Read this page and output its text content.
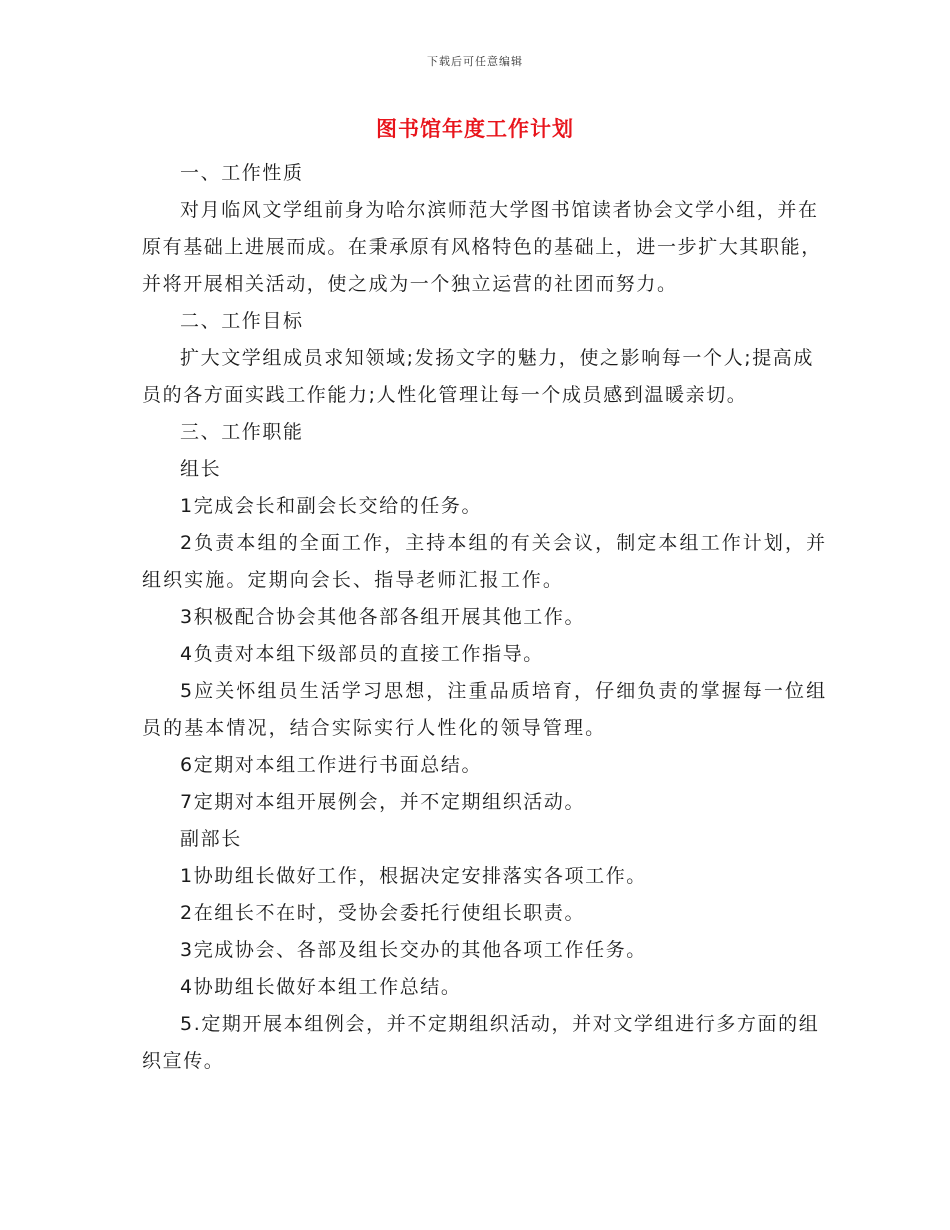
下载后可任意编辑
图书馆年度工作计划

一、工作性质

对月临风文学组前身为哈尔滨师范大学图书馆读者协会文学小组，并在原有基础上进展而成。在秉承原有风格特色的基础上，进一步扩大其职能，并将开展相关活动，使之成为一个独立运营的社团而努力。

二、工作目标

扩大文学组成员求知领域;发扬文字的魅力，使之影响每一个人;提高成员的各方面实践工作能力;人性化管理让每一个成员感到温暖亲切。

三、工作职能

组长

1完成会长和副会长交给的任务。

2负责本组的全面工作，主持本组的有关会议，制定本组工作计划，并组织实施。定期向会长、指导老师汇报工作。

3积极配合协会其他各部各组开展其他工作。

4负责对本组下级部员的直接工作指导。

5应关怀组员生活学习思想，注重品质培育，仔细负责的掌握每一位组员的基本情况，结合实际实行人性化的领导管理。

6定期对本组工作进行书面总结。

7定期对本组开展例会，并不定期组织活动。

副部长

1协助组长做好工作，根据决定安排落实各项工作。

2在组长不在时，受协会委托行使组长职责。

3完成协会、各部及组长交办的其他各项工作任务。

4协助组长做好本组工作总结。

5.定期开展本组例会，并不定期组织活动，并对文学组进行多方面的组织宣传。
